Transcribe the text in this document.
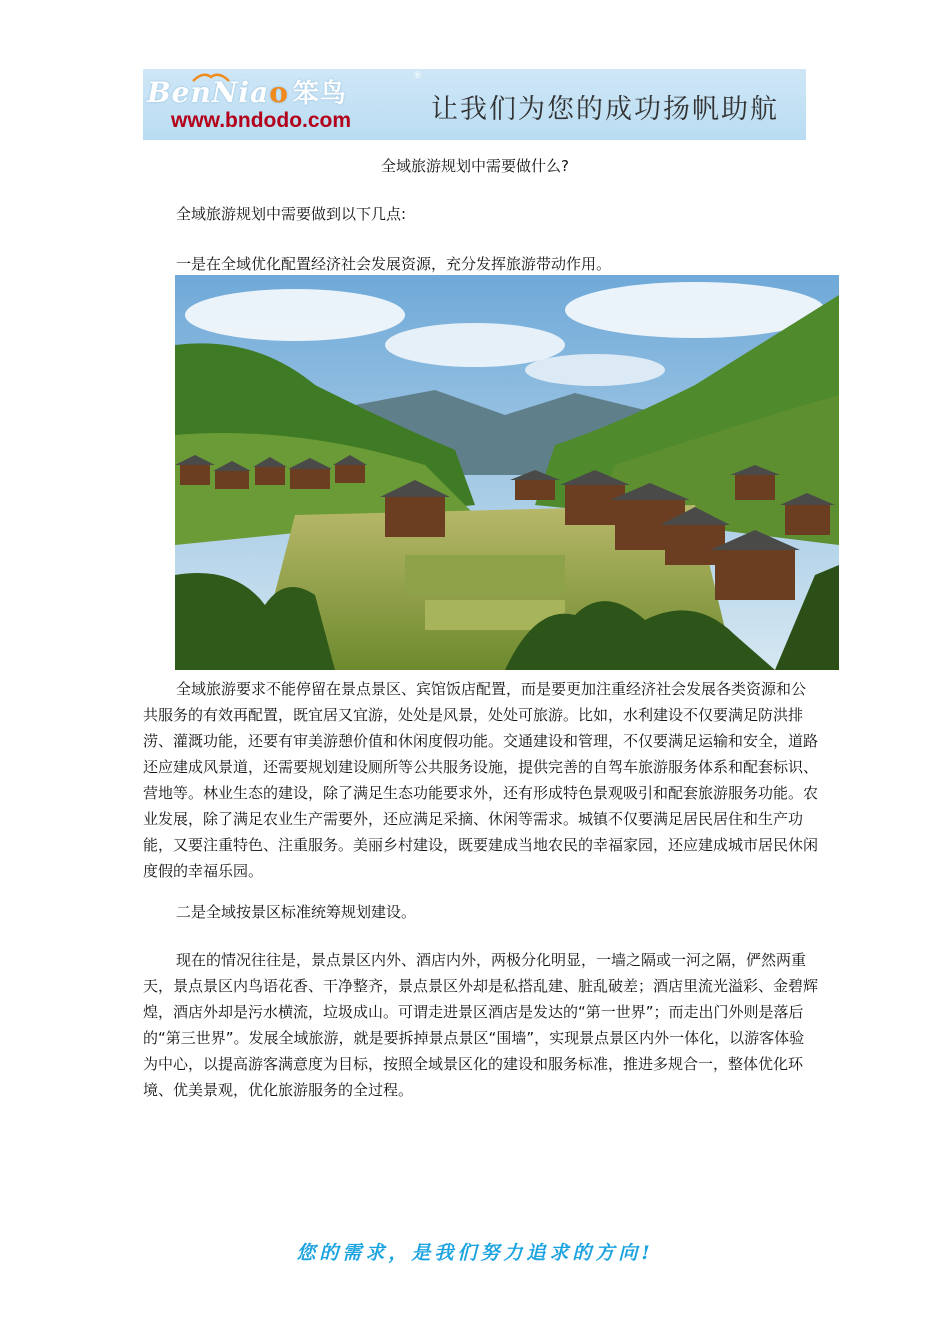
BenNiao 笨鸟
®
www.bndodo.com	让我们为您的成功扬帆助航
全域旅游规划中需要做什么?
全域旅游规划中需要做到以下几点:
一是在全域优化配置经济社会发展资源，充分发挥旅游带动作用。
全域旅游要求不能停留在景点景区、宾馆饭店配置，而是要更加注重经济社会发展各类资源和公共服务的有效再配置，既宜居又宜游，处处是风景，处处可旅游。比如，水利建设不仅要满足防洪排涝、灌溉功能，还要有审美游憩价值和休闲度假功能。交通建设和管理，不仅要满足运输和安全，道路还应建成风景道，还需要规划建设厕所等公共服务设施，提供完善的自驾车旅游服务体系和配套标识、营地等。林业生态的建设，除了满足生态功能要求外，还有形成特色景观吸引和配套旅游服务功能。农业发展，除了满足农业生产需要外，还应满足采摘、休闲等需求。城镇不仅要满足居民居住和生产功能，又要注重特色、注重服务。美丽乡村建设，既要建成当地农民的幸福家园，还应建成城市居民休闲度假的幸福乐园。
二是全域按景区标准统筹规划建设。
现在的情况往往是，景点景区内外、酒店内外，两极分化明显，一墙之隔或一河之隔，俨然两重天，景点景区内鸟语花香、干净整齐，景点景区外却是私搭乱建、脏乱破差；酒店里流光溢彩、金碧辉煌，酒店外却是污水横流，垃圾成山。可谓走进景区酒店是发达的“第一世界”；而走出门外则是落后的“第三世界”。发展全域旅游，就是要拆掉景点景区“围墙”，实现景点景区内外一体化，以游客体验为中心，以提高游客满意度为目标，按照全域景区化的建设和服务标准，推进多规合一，整体优化环境、优美景观，优化旅游服务的全过程。
您的需求，是我们努力追求的方向!
